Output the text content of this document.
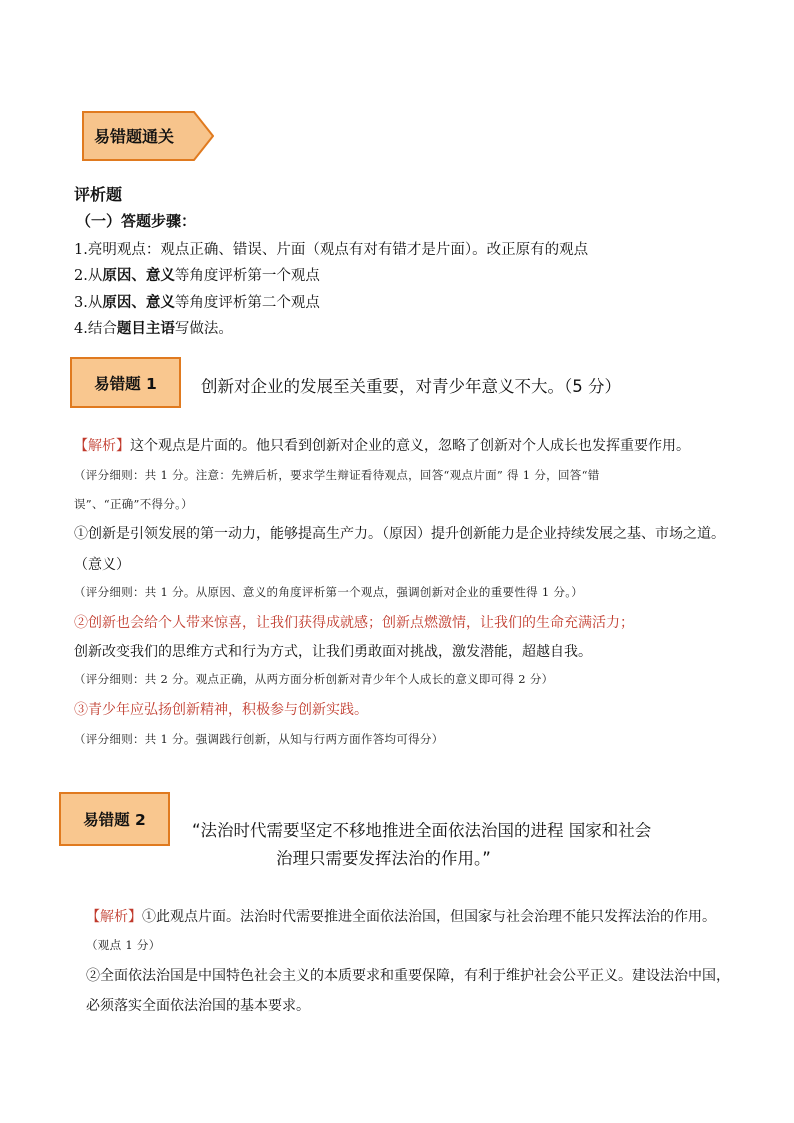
易错题通关
评析题
（一）答题步骤：
1.亮明观点：观点正确、错误、片面（观点有对有错才是片面）。改正原有的观点
2.从原因、意义等角度评析第一个观点
3.从原因、意义等角度评析第二个观点
4.结合题目主语写做法。
易错题 1	创新对企业的发展至关重要，对青少年意义不大。（5 分）
【解析】这个观点是片面的。他只看到创新对企业的意义，忽略了创新对个人成长也发挥重要作用。
（评分细则：共 1 分。注意：先辨后析，要求学生辩证看待观点，回答“观点片面” 得 1 分，回答“错
误”、“正确”不得分。）
①创新是引领发展的第一动力，能够提高生产力。（原因）提升创新能力是企业持续发展之基、市场之道。
（意义）
（评分细则：共 1 分。从原因、意义的角度评析第一个观点，强调创新对企业的重要性得 1 分。）
②创新也会给个人带来惊喜，让我们获得成就感；创新点燃激情，让我们的生命充满活力；
创新改变我们的思维方式和行为方式，让我们勇敢面对挑战，激发潜能，超越自我。
（评分细则：共 2 分。观点正确，从两方面分析创新对青少年个人成长的意义即可得 2 分）
③青少年应弘扬创新精神，积极参与创新实践。
（评分细则：共 1 分。强调践行创新，从知与行两方面作答均可得分）
易错题 2
“法治时代需要坚定不移地推进全面依法治国的进程 国家和社会
治理只需要发挥法治的作用。”
【解析】①此观点片面。法治时代需要推进全面依法治国，但国家与社会治理不能只发挥法治的作用。
（观点 1 分）
②全面依法治国是中国特色社会主义的本质要求和重要保障，有利于维护社会公平正义。建设法治中国，
必须落实全面依法治国的基本要求。
